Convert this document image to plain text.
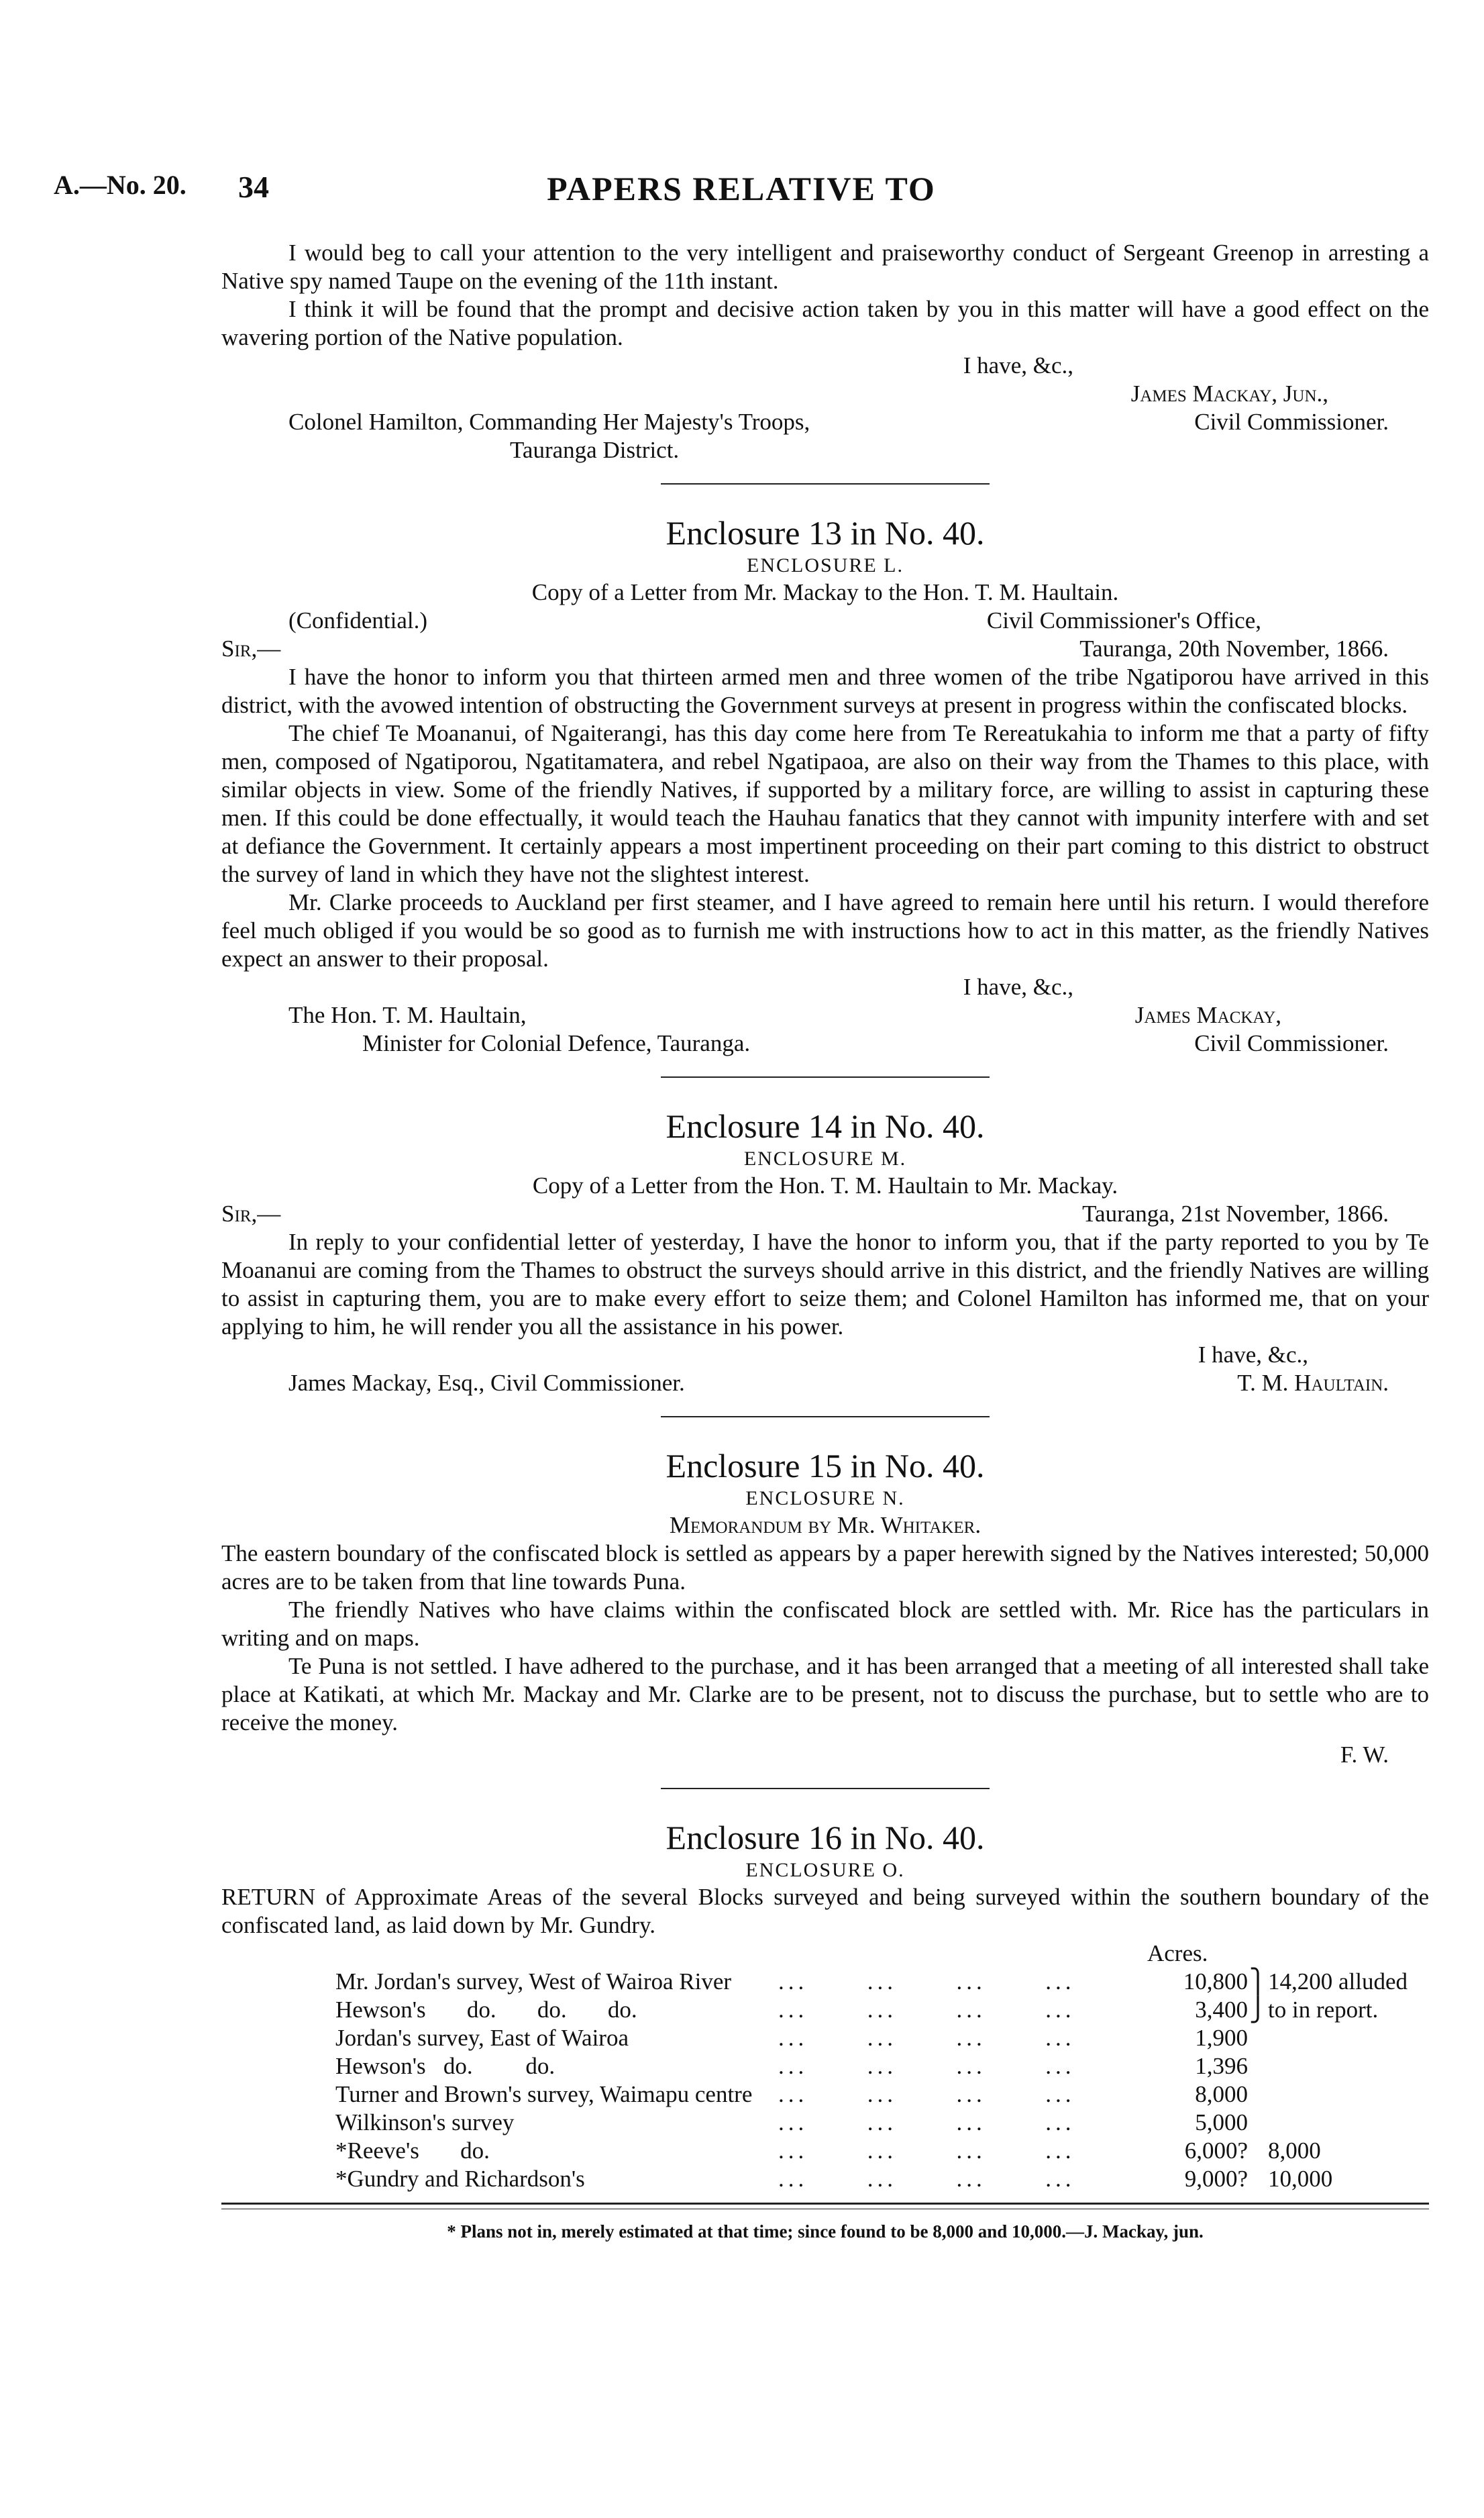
A.—No. 20. 34	PAPERS RELATIVE TO

I would beg to call your attention to the very intelligent and praiseworthy conduct of Sergeant Greenop in arresting a Native spy named Taupe on the evening of the 11th instant.

I think it will be found that the prompt and decisive action taken by you in this matter will have a good effect on the wavering portion of the Native population.

I have, &c.,

James Mackay, Jun.,

Colonel Hamilton, Commanding Her Majesty's Troops,	Civil Commissioner.

Tauranga District.

Enclosure 13 in No. 40.
ENCLOSURE L.

Copy of a Letter from Mr. Mackay to the Hon. T. M. Haultain.

(Confidential.)	Civil Commissioner's Office,
Sir,—	Tauranga, 20th November, 1866.

I have the honor to inform you that thirteen armed men and three women of the tribe Ngatiporou have arrived in this district, with the avowed intention of obstructing the Government surveys at present in progress within the confiscated blocks.

The chief Te Moananui, of Ngaiterangi, has this day come here from Te Rereatukahia to inform me that a party of fifty men, composed of Ngatiporou, Ngatitamatera, and rebel Ngatipaoa, are also on their way from the Thames to this place, with similar objects in view. Some of the friendly Natives, if supported by a military force, are willing to assist in capturing these men. If this could be done effectually, it would teach the Hauhau fanatics that they cannot with impunity interfere with and set at defiance the Government. It certainly appears a most impertinent proceeding on their part coming to this district to obstruct the survey of land in which they have not the slightest interest.

Mr. Clarke proceeds to Auckland per first steamer, and I have agreed to remain here until his return. I would therefore feel much obliged if you would be so good as to furnish me with instructions how to act in this matter, as the friendly Natives expect an answer to their proposal.

I have, &c.,

The Hon. T. M. Haultain,	James Mackay,
Minister for Colonial Defence, Tauranga.	Civil Commissioner.
Enclosure 14 in No. 40.
ENCLOSURE M.

Copy of a Letter from the Hon. T. M. Haultain to Mr. Mackay.

Sir,—	Tauranga, 21st November, 1866.

In reply to your confidential letter of yesterday, I have the honor to inform you, that if the party reported to you by Te Moananui are coming from the Thames to obstruct the surveys should arrive in this district, and the friendly Natives are willing to assist in capturing them, you are to make every effort to seize them; and Colonel Hamilton has informed me, that on your applying to him, he will render you all the assistance in his power.

I have, &c.,

James Mackay, Esq., Civil Commissioner.	T. M. Haultain.
Enclosure 15 in No. 40.
ENCLOSURE N.

Memorandum by Mr. Whitaker.

The eastern boundary of the confiscated block is settled as appears by a paper herewith signed by the Natives interested; 50,000 acres are to be taken from that line towards Puna.

The friendly Natives who have claims within the confiscated block are settled with. Mr. Rice has the particulars in writing and on maps.

Te Puna is not settled. I have adhered to the purchase, and it has been arranged that a meeting of all interested shall take place at Katikati, at which Mr. Mackay and Mr. Clarke are to be present, not to discuss the purchase, but to settle who are to receive the money.

F. W.

Enclosure 16 in No. 40.
ENCLOSURE O.

RETURN of Approximate Areas of the several Blocks surveyed and being surveyed within the southern boundary of the confiscated land, as laid down by Mr. Gundry.

		Acres.		
Mr. Jordan's survey, West of Wairoa River	...      ...      ...      ...	10,800	⎫	14,200 alluded
Hewson's       do.       do.       do.	...      ...      ...      ...	3,400	⎭	to in report.
Jordan's survey, East of Wairoa	...      ...      ...      ...	1,900		
Hewson's   do.         do.	...      ...      ...      ...	1,396		
Turner and Brown's survey, Waimapu centre	...      ...      ...      ...	8,000		
Wilkinson's survey	...      ...      ...      ...	5,000		
*Reeve's       do.	...      ...      ...      ...	6,000?		8,000
*Gundry and Richardson's	...      ...      ...      ...	9,000?		10,000

* Plans not in, merely estimated at that time; since found to be 8,000 and 10,000.—J. Mackay, jun.
